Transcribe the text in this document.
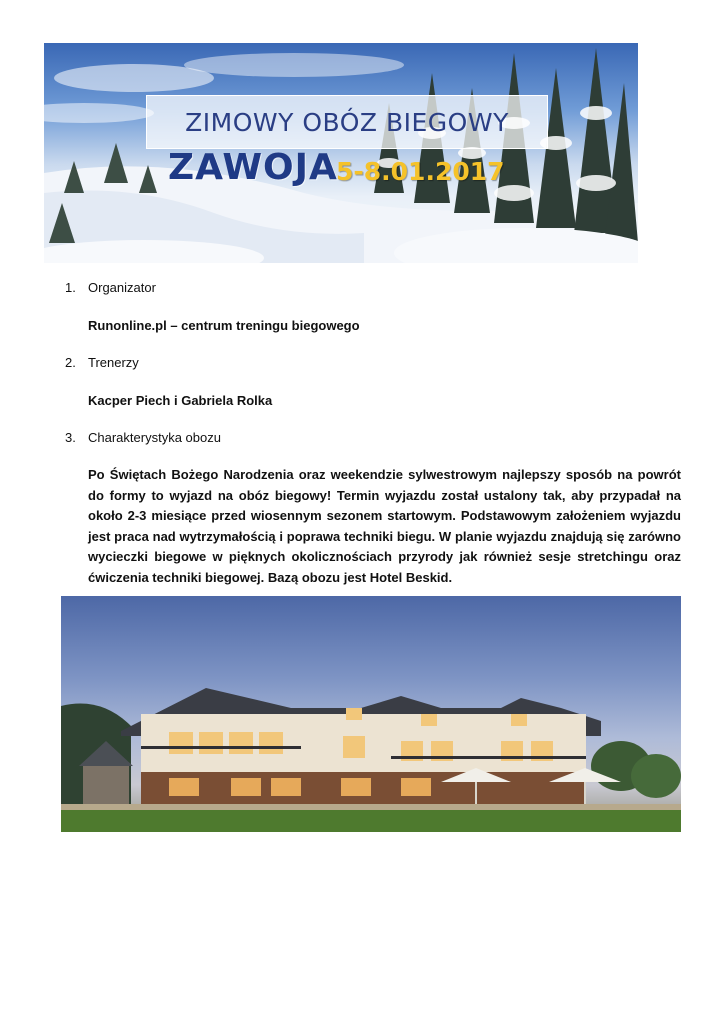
ZIMOWY OBÓZ BIEGOWY
ZAWOJA
5-8.01.2017
1. Organizator
Runonline.pl – centrum treningu biegowego
2. Trenerzy
Kacper Piech i Gabriela Rolka
3. Charakterystyka obozu

Po Świętach Bożego Narodzenia oraz weekendzie sylwestrowym najlepszy sposób na powrót do formy to wyjazd na obóz biegowy! Termin wyjazdu został ustalony tak, aby przypadał na około 2-3 miesiące przed wiosennym sezonem startowym. Podstawowym założeniem wyjazdu jest praca nad wytrzymałością i poprawa techniki biegu. W planie wyjazdu znajdują się zarówno wycieczki biegowe w pięknych okolicznościach przyrody jak również sesje stretchingu oraz ćwiczenia techniki biegowej. Bazą obozu jest Hotel Beskid.
